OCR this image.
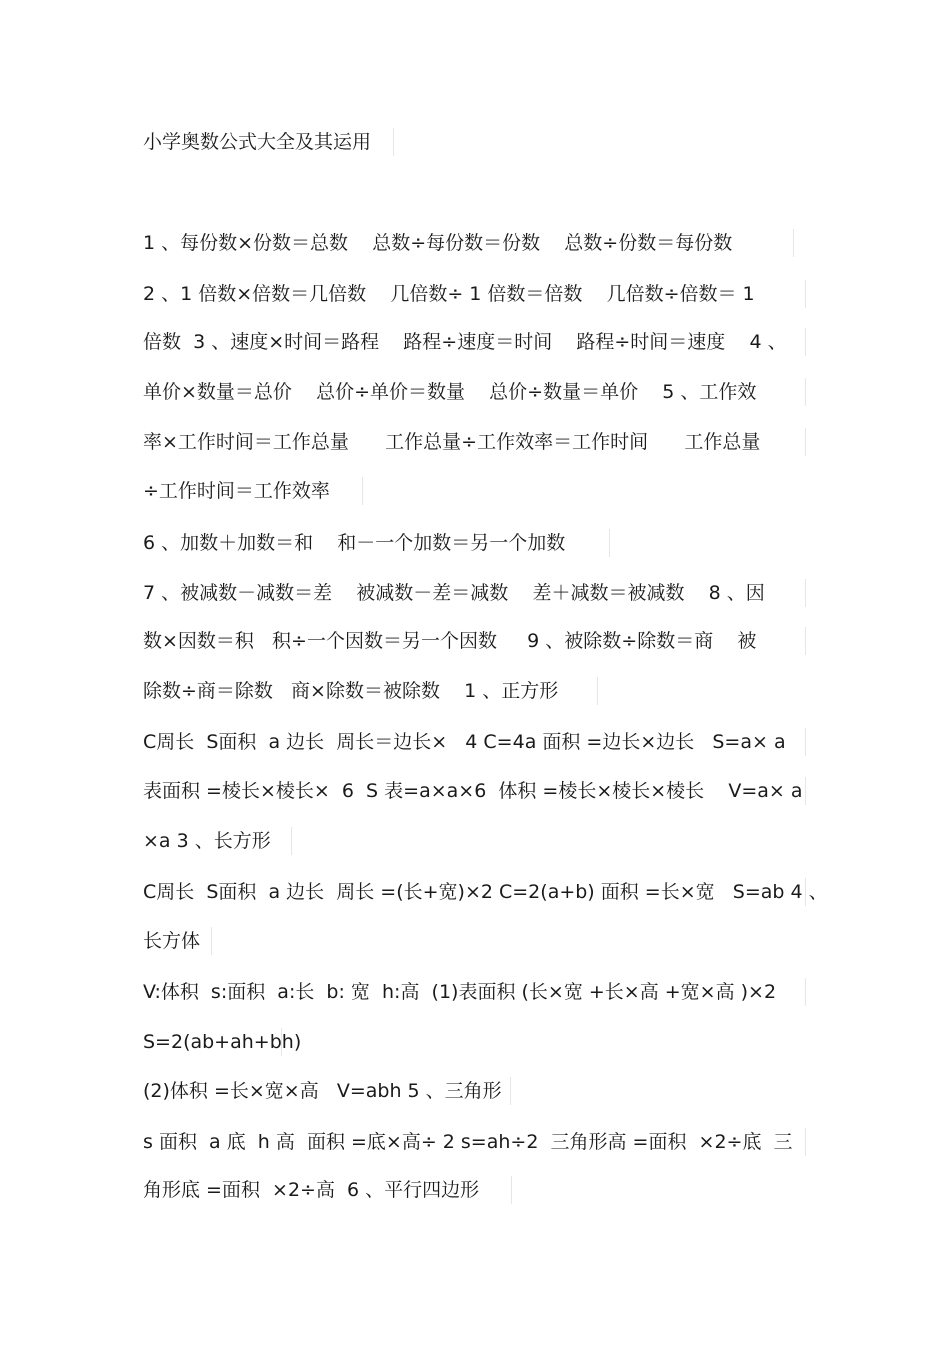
小学奥数公式大全及其运用
1 、每份数×份数＝总数    总数÷每份数＝份数    总数÷份数＝每份数
2 、1 倍数×倍数＝几倍数    几倍数÷ 1 倍数＝倍数    几倍数÷倍数＝ 1
倍数  3 、速度×时间＝路程    路程÷速度＝时间    路程÷时间＝速度    4 、
单价×数量＝总价    总价÷单价＝数量    总价÷数量＝单价    5 、工作效
率×工作时间＝工作总量      工作总量÷工作效率＝工作时间      工作总量
÷工作时间＝工作效率
6 、加数＋加数＝和    和－一个加数＝另一个加数
7 、被减数－减数＝差    被减数－差＝减数    差＋减数＝被减数    8 、因
数×因数＝积   积÷一个因数＝另一个因数     9 、被除数÷除数＝商    被
除数÷商＝除数   商×除数＝被除数    1 、正方形
C周长  S面积  a 边长  周长＝边长×   4 C=4a 面积 =边长×边长   S=a× a
表面积 =棱长×棱长×  6  S 表=a×a×6  体积 =棱长×棱长×棱长    V=a× a
×a 3 、长方形
C周长  S面积  a 边长  周长 =(长+宽)×2 C=2(a+b) 面积 =长×宽   S=ab 4 、
长方体
V:体积  s:面积  a:长  b: 宽  h:高  (1)表面积 (长×宽 +长×高 +宽×高 )×2
S=2(ab+ah+bh)
(2)体积 =长×宽×高   V=abh 5 、三角形
s 面积  a 底  h 高  面积 =底×高÷ 2 s=ah÷2  三角形高 =面积  ×2÷底  三
角形底 =面积  ×2÷高  6 、平行四边形
